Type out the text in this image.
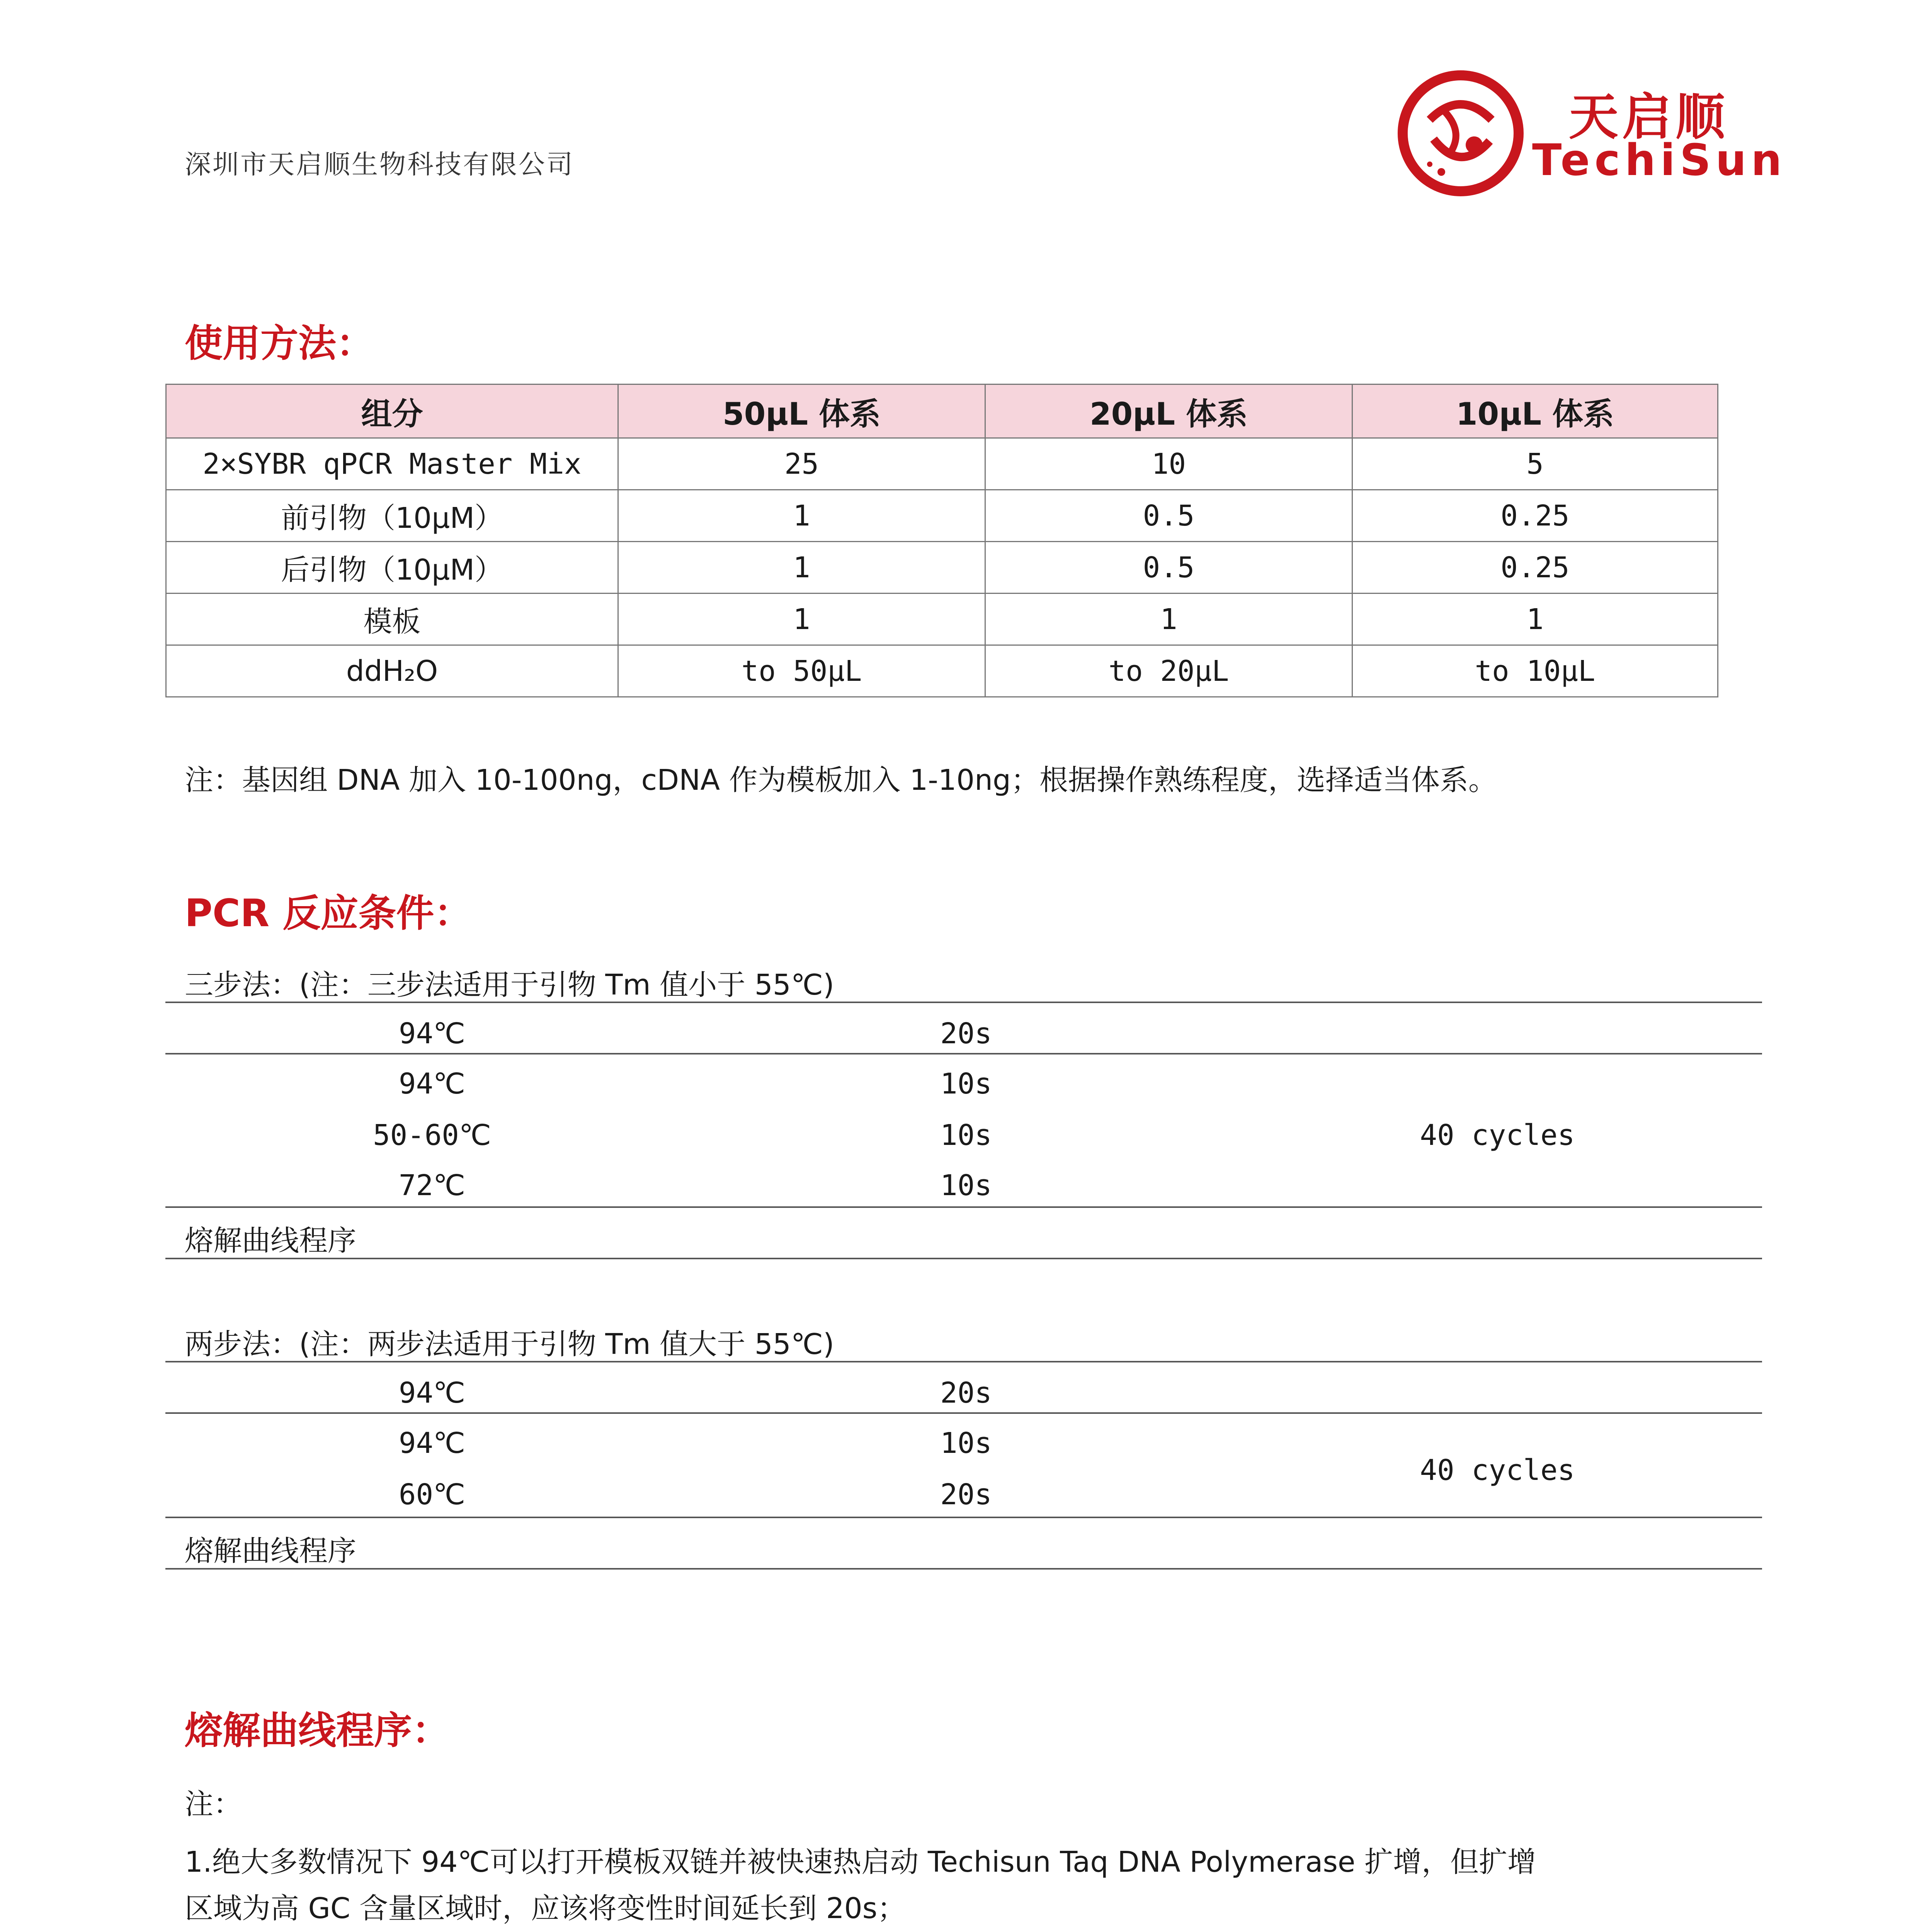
深圳市天启顺生物科技有限公司
天启顺
TechiSun
使用方法：
组分	50μL 体系	20μL 体系	10μL 体系
2×SYBR qPCR Master Mix	25	10	5
前引物（10μM）	1	0.5	0.25
后引物（10μM）	1	0.5	0.25
模板	1	1	1
ddH₂O	to 50μL	to 20μL	to 10μL
注：基因组 DNA 加入 10-100ng，cDNA 作为模板加入 1-10ng；根据操作熟练程度，选择适当体系。
PCR 反应条件：
三步法：(注：三步法适用于引物 Tm 值小于 55℃)
94℃	20s
94℃	10s
50-60℃	10s	40 cycles
72℃	10s
熔解曲线程序
两步法：(注：两步法适用于引物 Tm 值大于 55℃)
94℃	20s
94℃	10s
40 cycles
60℃	20s
熔解曲线程序
熔解曲线程序：
注：
1.绝大多数情况下 94℃可以打开模板双链并被快速热启动 Techisun Taq DNA Polymerase 扩增，但扩增
区域为高 GC 含量区域时，应该将变性时间延长到 20s；
